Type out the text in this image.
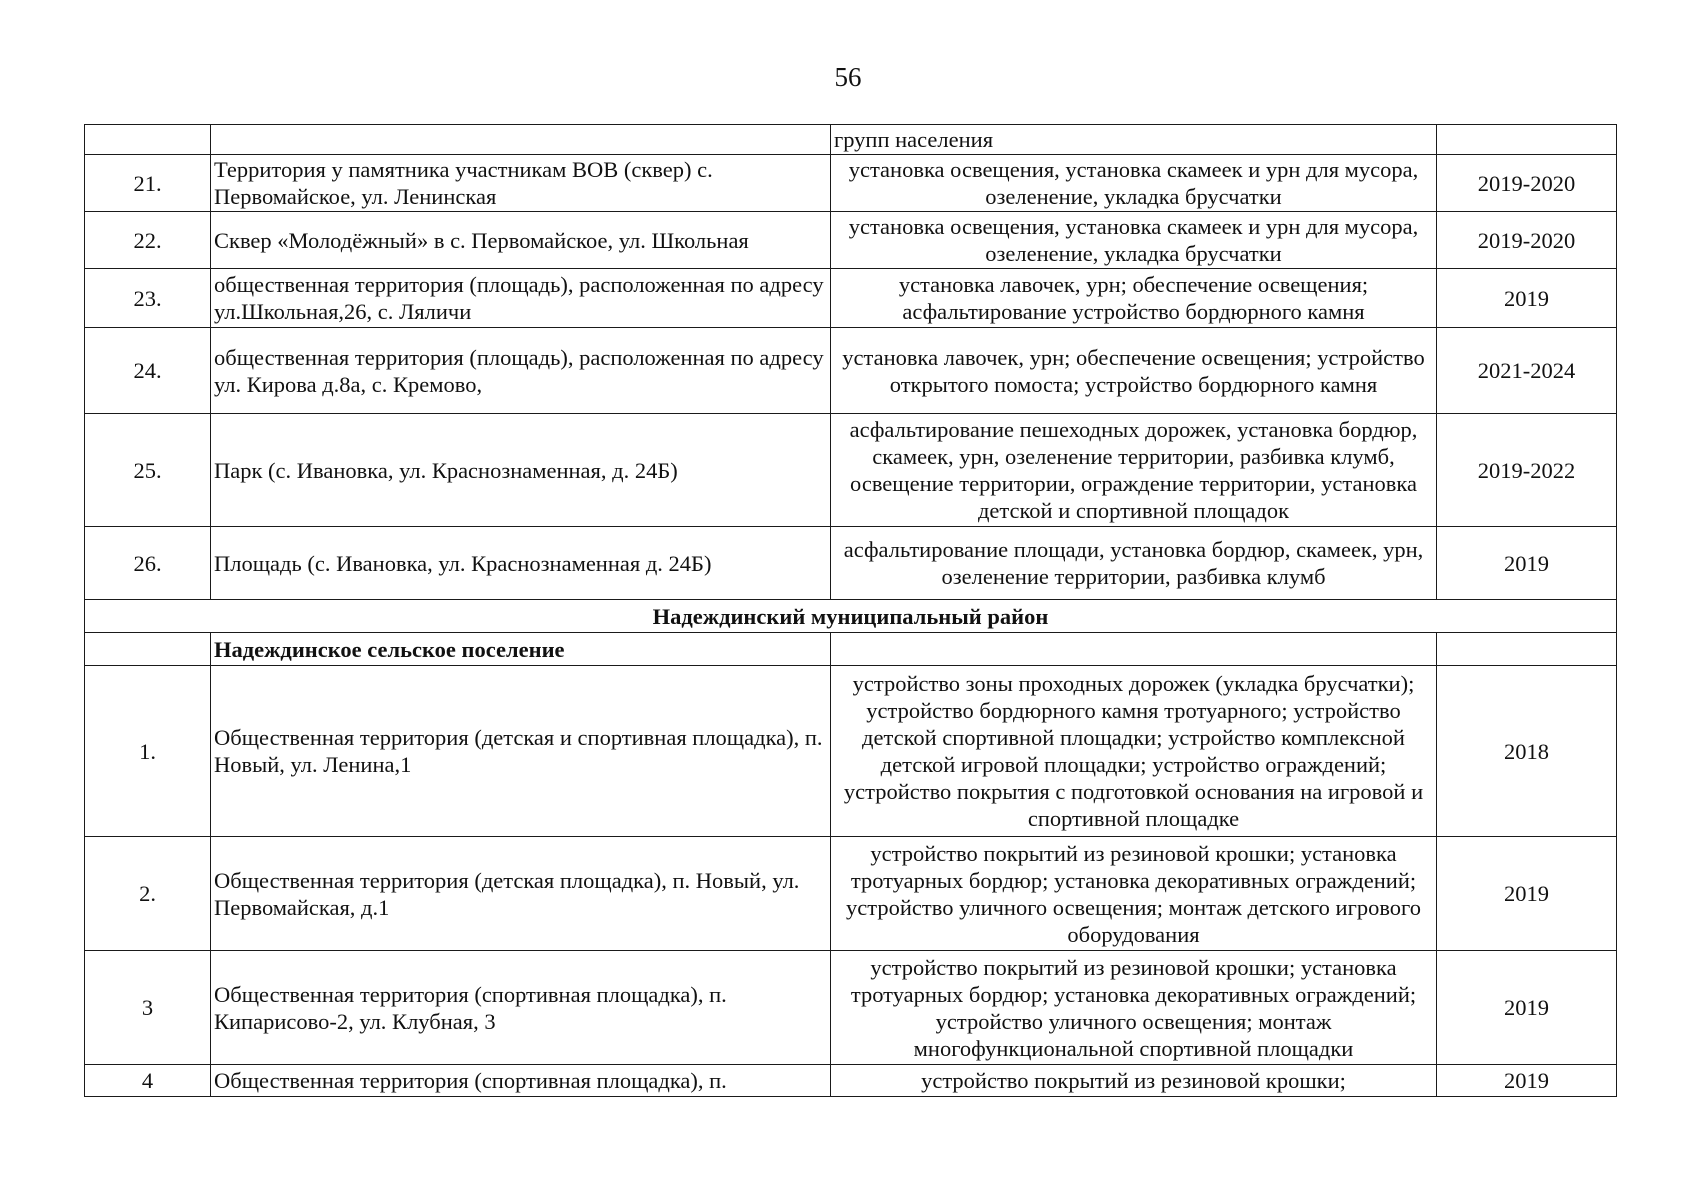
56
		групп населения	
21.	Территория у памятника участникам ВОВ (сквер) с. Первомайское, ул. Ленинская	установка освещения, установка скамеек и урн для мусора, озеленение, укладка брусчатки	2019-2020
22.	Сквер «Молодёжный» в с. Первомайское, ул. Школьная	установка освещения, установка скамеек и урн для мусора, озеленение, укладка брусчатки	2019-2020
23.	общественная территория (площадь), расположенная по адресу ул.Школьная,26, с. Ляличи	установка лавочек, урн; обеспечение освещения; асфальтирование устройство бордюрного камня	2019
24.	общественная территория (площадь), расположенная по адресу ул. Кирова д.8а, с. Кремово,	установка лавочек, урн; обеспечение освещения; устройство открытого помоста; устройство бордюрного камня	2021-2024
25.	Парк (с. Ивановка, ул. Краснознаменная, д. 24Б)	асфальтирование пешеходных дорожек, установка бордюр, скамеек, урн, озеленение территории, разбивка клумб, освещение территории, ограждение территории, установка детской и спортивной площадок	2019-2022
26.	Площадь (с. Ивановка, ул. Краснознаменная д. 24Б)	асфальтирование площади, установка бордюр, скамеек, урн, озеленение территории, разбивка клумб	2019
Надеждинский муниципальный район			
	Надеждинское сельское поселение		
1.	Общественная территория (детская и спортивная площадка), п. Новый, ул. Ленина,1	устройство зоны проходных дорожек (укладка брусчатки); устройство бордюрного камня тротуарного; устройство детской спортивной площадки; устройство комплексной детской игровой площадки; устройство ограждений; устройство покрытия с подготовкой основания на игровой и спортивной площадке	2018
2.	Общественная территория (детская площадка), п. Новый, ул. Первомайская, д.1	устройство покрытий из резиновой крошки; установка тротуарных бордюр; установка декоративных ограждений; устройство уличного освещения; монтаж детского игрового оборудования	2019
3	Общественная территория (спортивная площадка), п. Кипарисово-2, ул. Клубная, 3	устройство покрытий из резиновой крошки; установка тротуарных бордюр; установка декоративных ограждений; устройство уличного освещения; монтаж многофункциональной спортивной площадки	2019
4	Общественная территория (спортивная площадка), п.	устройство покрытий из резиновой крошки;	2019
